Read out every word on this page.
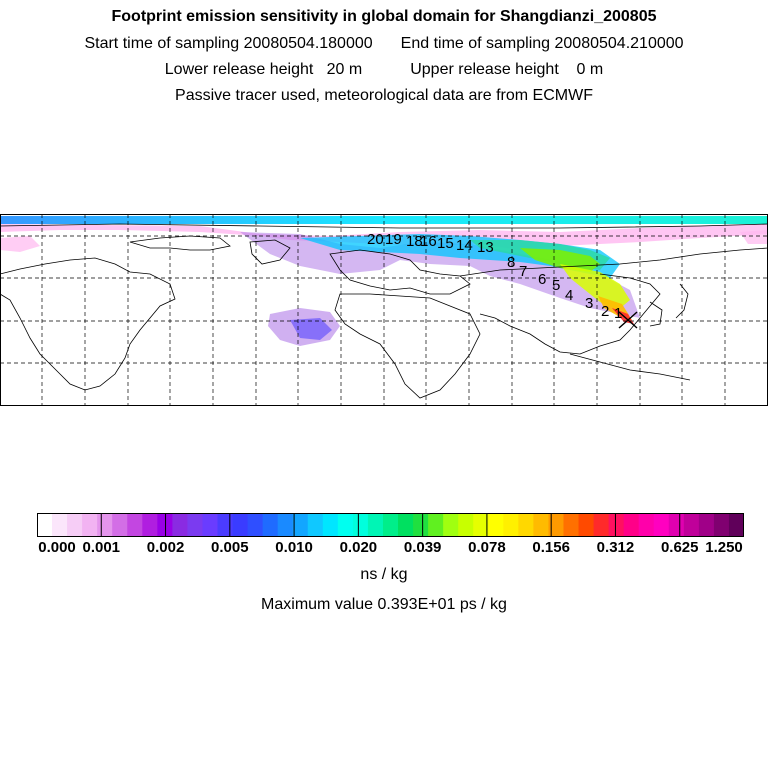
Footprint emission sensitivity in global domain for Shangdianzi_200805
Start time of sampling 20080504.180000 End time of sampling 20080504.210000
Lower release height   20 m	Upper release height    0 m
Passive tracer used, meteorological data are from ECMWF
1
2
3
4
5
6
7
8
13
14
15
16
18
19
20
0.000 0.001 0.002 0.005 0.010 0.020 0.039 0.078 0.156 0.312 0.625 1.250
ns / kg
Maximum value 0.393E+01 ps / kg
